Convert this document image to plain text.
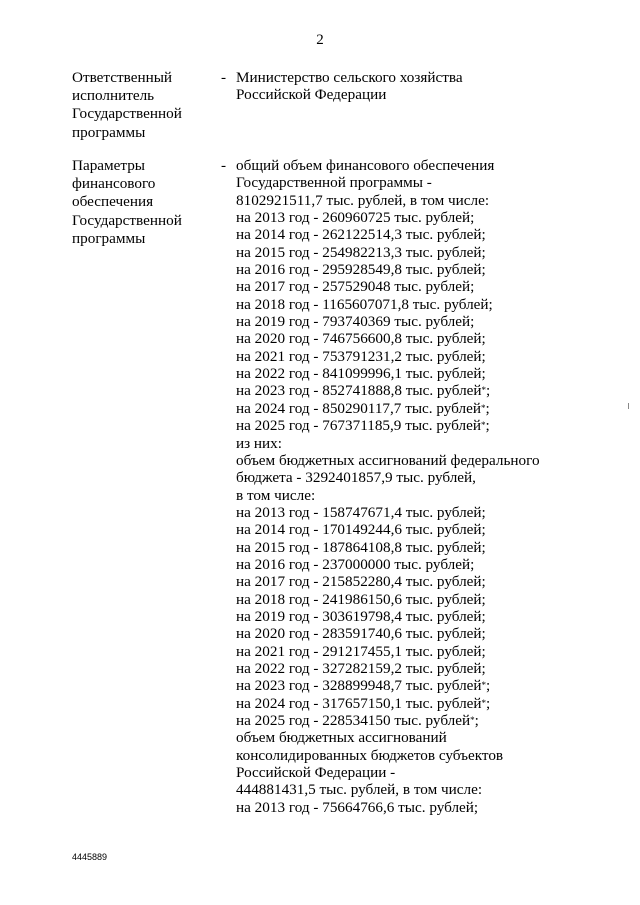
2
Ответственный
исполнитель
Государственной
программы
- Министерство сельского хозяйства
Российской Федерации
Параметры
финансового
обеспечения
Государственной
программы
- общий объем финансового обеспечения
Государственной программы -
8102921511,7 тыс. рублей, в том числе:
на 2013 год - 260960725 тыс. рублей;
на 2014 год - 262122514,3 тыс. рублей;
на 2015 год - 254982213,3 тыс. рублей;
на 2016 год - 295928549,8 тыс. рублей;
на 2017 год - 257529048 тыс. рублей;
на 2018 год - 1165607071,8 тыс. рублей;
на 2019 год - 793740369 тыс. рублей;
на 2020 год - 746756600,8 тыс. рублей;
на 2021 год - 753791231,2 тыс. рублей;
на 2022 год - 841099996,1 тыс. рублей;
на 2023 год - 852741888,8 тыс. рублей*;
на 2024 год - 850290117,7 тыс. рублей*;
на 2025 год - 767371185,9 тыс. рублей*;
из них:
объем бюджетных ассигнований федерального
бюджета - 3292401857,9 тыс. рублей,
в том числе:
на 2013 год - 158747671,4 тыс. рублей;
на 2014 год - 170149244,6 тыс. рублей;
на 2015 год - 187864108,8 тыс. рублей;
на 2016 год - 237000000 тыс. рублей;
на 2017 год - 215852280,4 тыс. рублей;
на 2018 год - 241986150,6 тыс. рублей;
на 2019 год - 303619798,4 тыс. рублей;
на 2020 год - 283591740,6 тыс. рублей;
на 2021 год - 291217455,1 тыс. рублей;
на 2022 год - 327282159,2 тыс. рублей;
на 2023 год - 328899948,7 тыс. рублей*;
на 2024 год - 317657150,1 тыс. рублей*;
на 2025 год - 228534150 тыс. рублей*;
объем бюджетных ассигнований
консолидированных бюджетов субъектов
Российской Федерации -
444881431,5 тыс. рублей, в том числе:
на 2013 год - 75664766,6 тыс. рублей;
4445889
